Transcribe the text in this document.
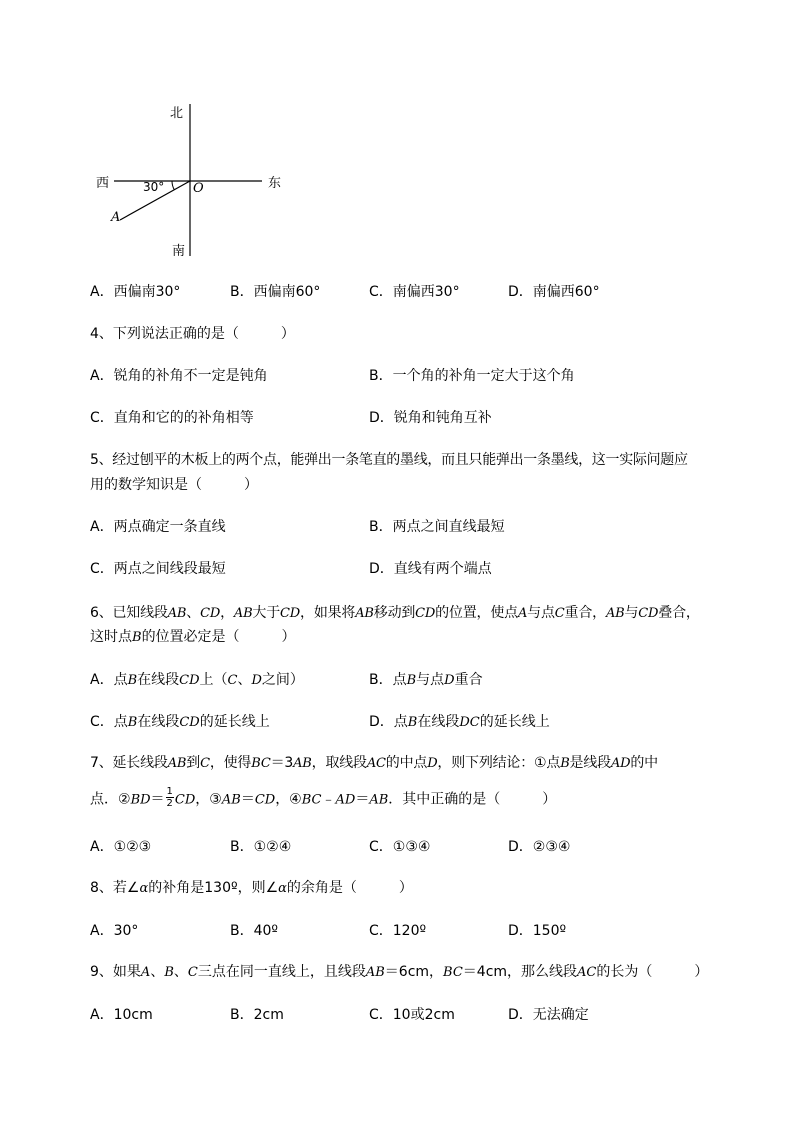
北
西	东
南
O
A
30°
A．西偏南30°	B．西偏南60°	C．南偏西30°	D．南偏西60°
4、下列说法正确的是（　　　）
A．锐角的补角不一定是钝角	B．一个角的补角一定大于这个角
C．直角和它的的补角相等	D．锐角和钝角互补
5、经过刨平的木板上的两个点，能弹出一条笔直的墨线，而且只能弹出一条墨线，这一实际问题应
用的数学知识是（　　　）
A．两点确定一条直线	B．两点之间直线最短
C．两点之间线段最短	D．直线有两个端点
6、已知线段AB、CD，AB大于CD，如果将AB移动到CD的位置，使点A与点C重合，AB与CD叠合，
这时点B的位置必定是（　　　）
A．点B在线段CD上（C、D之间）	B．点B与点D重合
C．点B在线段CD的延长线上	D．点B在线段DC的延长线上
7、延长线段AB到C，使得BC＝3AB，取线段AC的中点D，则下列结论：①点B是线段AD的中
点．②BD＝ $\frac{1}{2}$ CD，③AB＝CD，④BC﹣AD＝AB．其中正确的是（　　　）
A．①②③	B．①②④	C．①③④	D．②③④
8、若∠α的补角是130º，则∠α的余角是（　　　）
A．30°	B．40º	C．120º	D．150º
9、如果A、B、C三点在同一直线上，且线段AB＝6cm，BC＝4cm，那么线段AC的长为（　　　）
A．10cm	B．2cm	C．10或2cm	D．无法确定
